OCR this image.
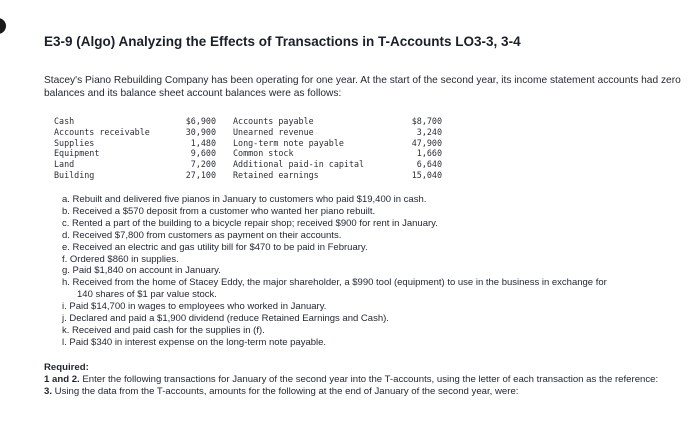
E3-9 (Algo) Analyzing the Effects of Transactions in T-Accounts LO3-3, 3-4
Stacey's Piano Rebuilding Company has been operating for one year. At the start of the second year, its income statement accounts had zero balances and its balance sheet account balances were as follows:
Cash
Accounts receivable
Supplies
Equipment
Land
Building
$6,900
30,900
1,480
9,600
7,200
27,100
Accounts payable
Unearned revenue
Long-term note payable
Common stock
Additional paid-in capital
Retained earnings
$8,700
3,240
47,900
1,660
6,640
15,040
a. Rebuilt and delivered five pianos in January to customers who paid $19,400 in cash.
b. Received a $570 deposit from a customer who wanted her piano rebuilt.
c. Rented a part of the building to a bicycle repair shop; received $900 for rent in January.
d. Received $7,800 from customers as payment on their accounts.
e. Received an electric and gas utility bill for $470 to be paid in February.
f. Ordered $860 in supplies.
g. Paid $1,840 on account in January.
h. Received from the home of Stacey Eddy, the major shareholder, a $990 tool (equipment) to use in the business in exchange for
140 shares of $1 par value stock.
i. Paid $14,700 in wages to employees who worked in January.
j. Declared and paid a $1,900 dividend (reduce Retained Earnings and Cash).
k. Received and paid cash for the supplies in (f).
l. Paid $340 in interest expense on the long-term note payable.
Required:
1 and 2. Enter the following transactions for January of the second year into the T-accounts, using the letter of each transaction as the reference:
3. Using the data from the T-accounts, amounts for the following at the end of January of the second year, were:
